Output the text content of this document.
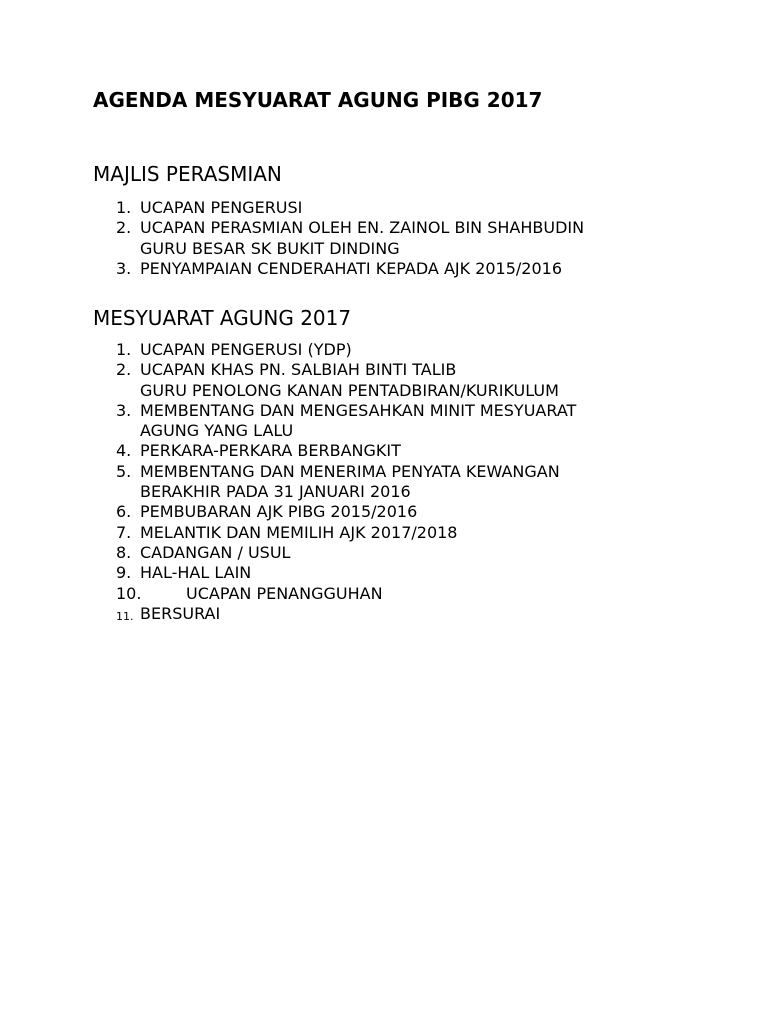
AGENDA MESYUARAT AGUNG PIBG 2017
MAJLIS PERASMIAN
1. UCAPAN PENGERUSI
2. UCAPAN PERASMIAN OLEH EN. ZAINOL BIN SHAHBUDIN
GURU BESAR SK BUKIT DINDING
3. PENYAMPAIAN CENDERAHATI KEPADA AJK 2015/2016
MESYUARAT AGUNG 2017
1. UCAPAN PENGERUSI (YDP)
2. UCAPAN KHAS PN. SALBIAH BINTI TALIB
GURU PENOLONG KANAN PENTADBIRAN/KURIKULUM
3. MEMBENTANG DAN MENGESAHKAN MINIT MESYUARAT
AGUNG YANG LALU
4. PERKARA-PERKARA BERBANGKIT
5. MEMBENTANG DAN MENERIMA PENYATA KEWANGAN
BERAKHIR PADA 31 JANUARI 2016
6. PEMBUBARAN AJK PIBG 2015/2016
7. MELANTIK DAN MEMILIH AJK 2017/2018
8. CADANGAN / USUL
9. HAL-HAL LAIN
10.	UCAPAN PENANGGUHAN
11. BERSURAI
